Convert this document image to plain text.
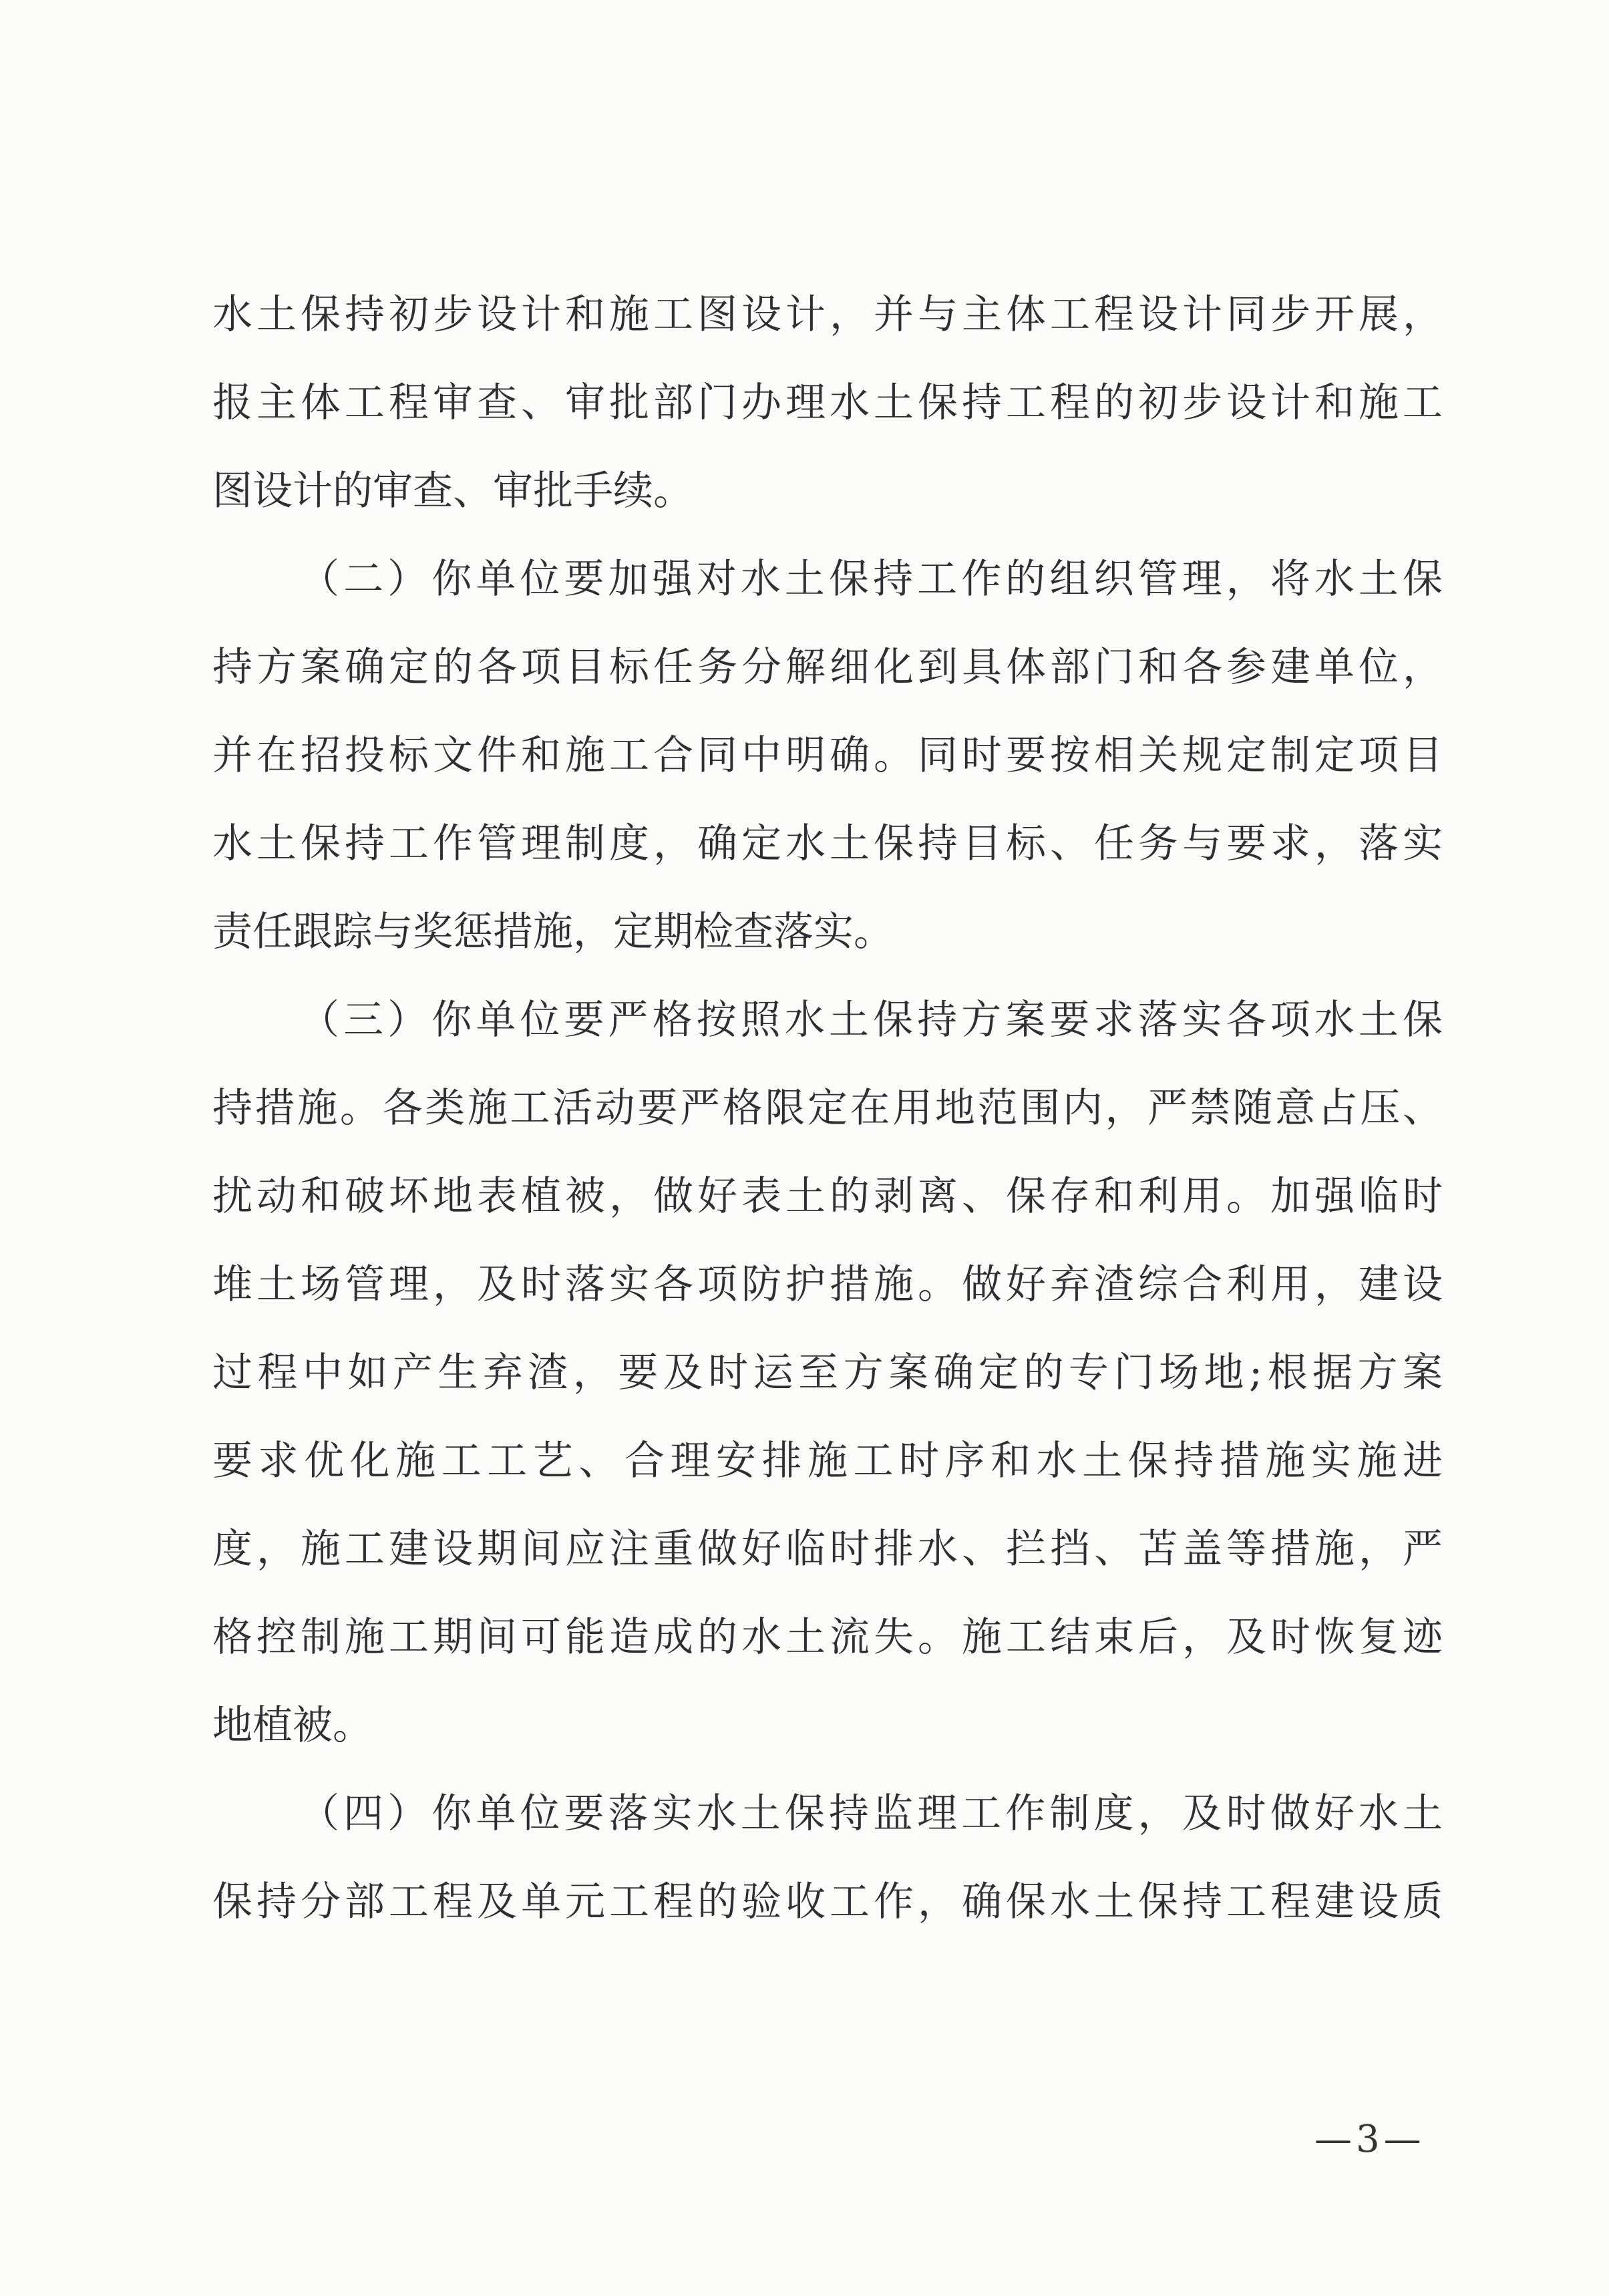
水土保持初步设计和施工图设计，并与主体工程设计同步开展，
报主体工程审查、审批部门办理水土保持工程的初步设计和施工
图设计的审查、审批手续。
（二）你单位要加强对水土保持工作的组织管理，将水土保
持方案确定的各项目标任务分解细化到具体部门和各参建单位，
并在招投标文件和施工合同中明确。同时要按相关规定制定项目
水土保持工作管理制度，确定水土保持目标、任务与要求，落实
责任跟踪与奖惩措施，定期检查落实。
（三）你单位要严格按照水土保持方案要求落实各项水土保
持措施。各类施工活动要严格限定在用地范围内，严禁随意占压、
扰动和破坏地表植被，做好表土的剥离、保存和利用。加强临时
堆土场管理，及时落实各项防护措施。做好弃渣综合利用，建设
过程中如产生弃渣，要及时运至方案确定的专门场地;根据方案
要求优化施工工艺、合理安排施工时序和水土保持措施实施进
度，施工建设期间应注重做好临时排水、拦挡、苫盖等措施，严
格控制施工期间可能造成的水土流失。施工结束后，及时恢复迹
地植被。
（四）你单位要落实水土保持监理工作制度，及时做好水土
保持分部工程及单元工程的验收工作，确保水土保持工程建设质
—3—
